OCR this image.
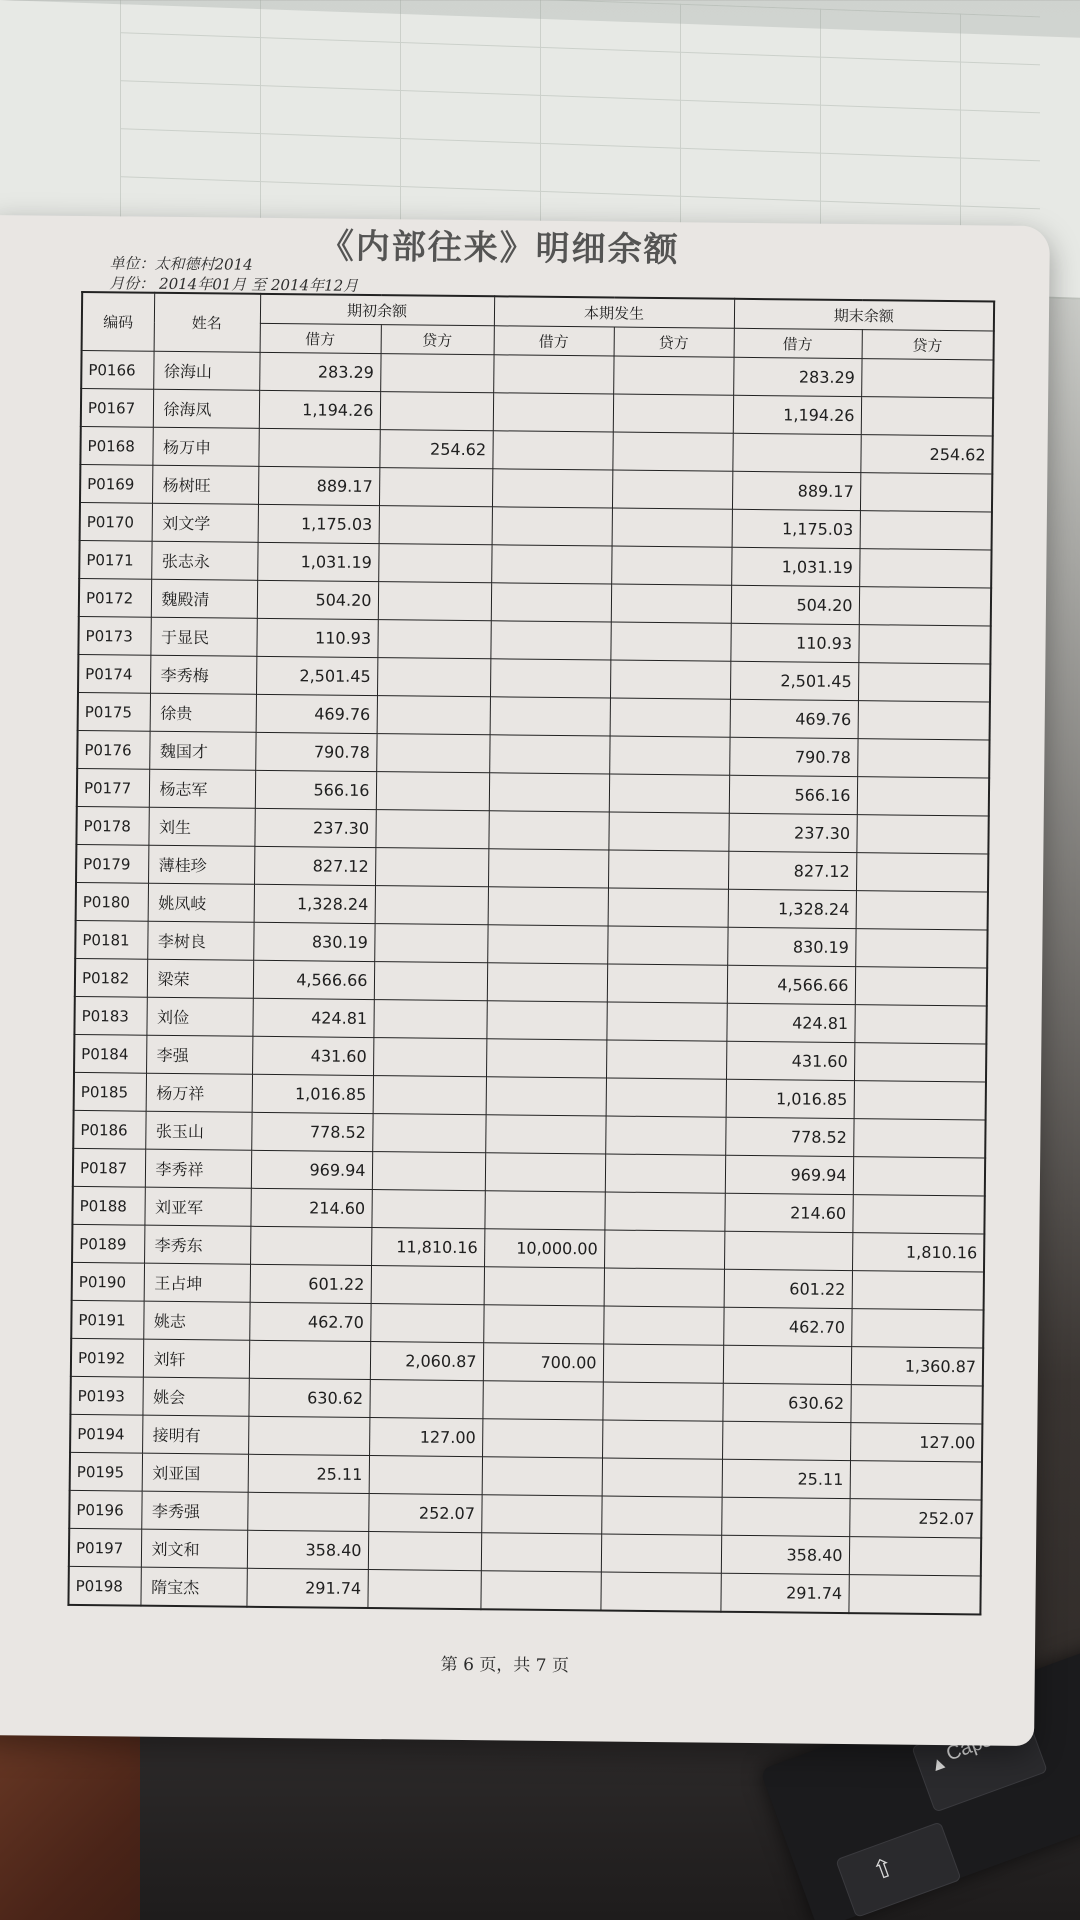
▲
⇧
《内部往来》明细余额
单位：太和德村2014
月份： 2014年01月 至 2014年12月
编码	姓名	期初余额		本期发生		期末余额	
		借方	贷方	借方	贷方	借方	贷方
P0166	徐海山	283.29				283.29	
P0167	徐海凤	1,194.26				1,194.26	
P0168	杨万申		254.62				254.62
P0169	杨树旺	889.17				889.17	
P0170	刘文学	1,175.03				1,175.03	
P0171	张志永	1,031.19				1,031.19	
P0172	魏殿清	504.20				504.20	
P0173	于显民	110.93				110.93	
P0174	李秀梅	2,501.45				2,501.45	
P0175	徐贵	469.76				469.76	
P0176	魏国才	790.78				790.78	
P0177	杨志军	566.16				566.16	
P0178	刘生	237.30				237.30	
P0179	薄桂珍	827.12				827.12	
P0180	姚凤岐	1,328.24				1,328.24	
P0181	李树良	830.19				830.19	
P0182	梁荣	4,566.66				4,566.66	
P0183	刘俭	424.81				424.81	
P0184	李强	431.60				431.60	
P0185	杨万祥	1,016.85				1,016.85	
P0186	张玉山	778.52				778.52	
P0187	李秀祥	969.94				969.94	
P0188	刘亚军	214.60				214.60	
P0189	李秀东		11,810.16	10,000.00			1,810.16
P0190	王占坤	601.22				601.22	
P0191	姚志	462.70				462.70	
P0192	刘轩		2,060.87	700.00			1,360.87
P0193	姚会	630.62				630.62	
P0194	接明有		127.00				127.00
P0195	刘亚国	25.11				25.11	
P0196	李秀强		252.07				252.07
P0197	刘文和	358.40				358.40	
P0198	隋宝杰	291.74				291.74	
第 6 页，共 7 页
